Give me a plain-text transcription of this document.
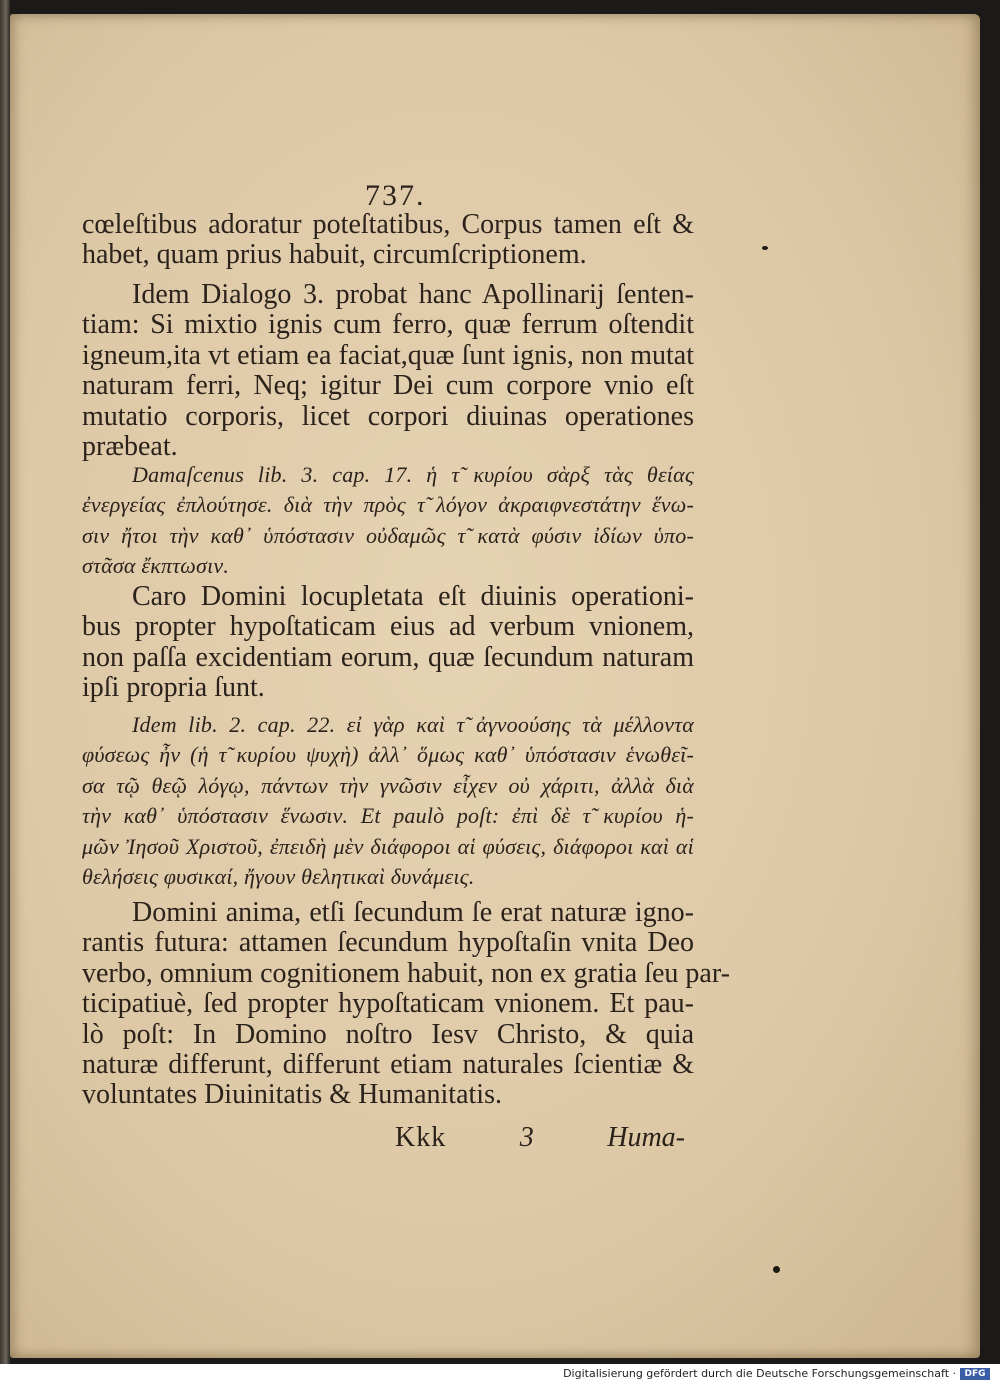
737.
cœleſtibus adoratur poteſtatibus, Corpus tamen eſt &
habet, quam prius habuit, circumſcriptionem.
Idem Dialogo 3. probat hanc Apollinarij ſenten-
tiam: Si mixtio ignis cum ferro, quæ ferrum oſtendit
igneum,ita vt etiam ea faciat,quæ ſunt ignis, non mutat
naturam ferri, Neq; igitur Dei cum corpore vnio eſt
mutatio corporis, licet corpori diuinas operationes
præbeat.
Damaſcenus lib. 3. cap. 17. ἡ τ̃ κυρίου σὰρξ τὰς θείας
ἐνεργείας ἐπλούτησε. διὰ τὴν πρὸς τ̃ λόγον ἀκραιφνεστάτην ἕνω-
σιν ἤτοι τὴν καθ᾽ ὑπόστασιν οὐδαμῶς τ̃ κατὰ φύσιν ἰδίων ὑπο-
στᾶσα ἔκπτωσιν.
Caro Domini locupletata eſt diuinis operationi-
bus propter hypoſtaticam eius ad verbum vnionem,
non paſſa excidentiam eorum, quæ ſecundum naturam
ipſi propria ſunt.
Idem lib. 2. cap. 22. εἰ γὰρ καὶ τ̃ ἀγνοούσης τὰ μέλλοντα
φύσεως ἦν (ἡ τ̃ κυρίου ψυχὴ) ἀλλ᾽ ὅμως καθ᾽ ὑπόστασιν ἑνωθεῖ-
σα τῷ θεῷ λόγῳ, πάντων τὴν γνῶσιν εἶχεν οὐ χάριτι, ἀλλὰ διὰ
τὴν καθ᾽ ὑπόστασιν ἕνωσιν. Et paulò poſt: ἐπὶ δὲ τ̃ κυρίου ἡ-
μῶν Ἰησοῦ Χριστοῦ, ἐπειδὴ μὲν διάφοροι αἱ φύσεις, διάφοροι καὶ αἱ
θελήσεις φυσικαί, ἤγουν θελητικαὶ δυνάμεις.
Domini anima, etſi ſecundum ſe erat naturæ igno-
rantis futura: attamen ſecundum hypoſtaſin vnita Deo
verbo, omnium cognitionem habuit, non ex gratia ſeu par-
ticipatiuè, ſed propter hypoſtaticam vnionem. Et pau-
lò poſt: In Domino noſtro Iesv Christo, & quia
naturæ differunt, differunt etiam naturales ſcientiæ &
voluntates Diuinitatis & Humanitatis.
Kkk	3	Huma-
Digitalisierung gefördert durch die Deutsche Forschungsgemeinschaft · DFG
